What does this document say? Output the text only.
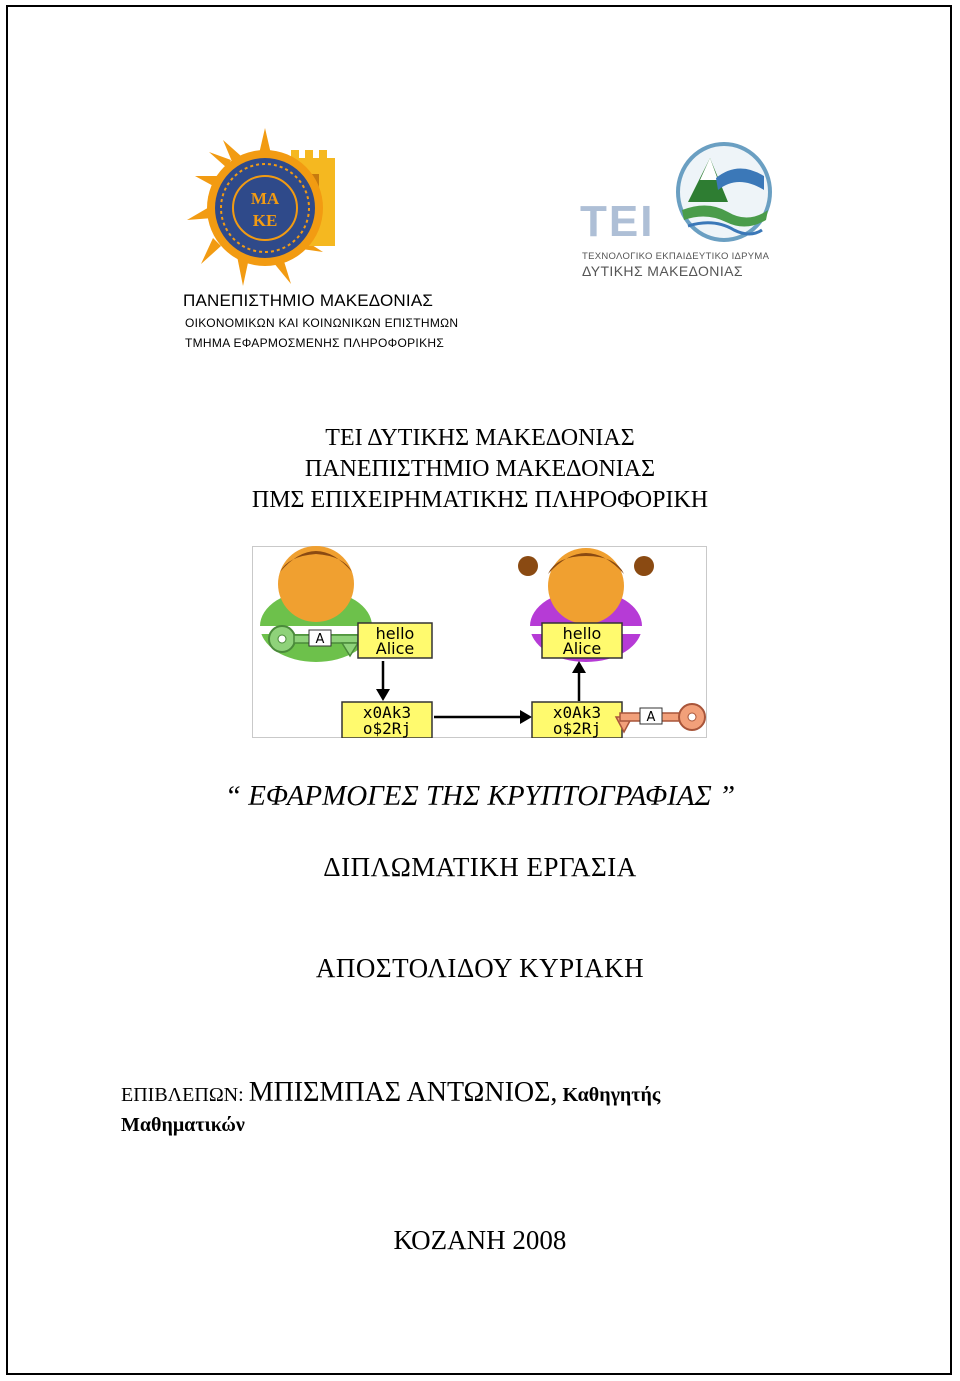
ΜΑ
ΚΕ
ΠΑΝΕΠΙΣΤΗΜΙΟ ΜΑΚΕΔΟΝΙΑΣ
ΟΙΚΟΝΟΜΙΚΩΝ ΚΑΙ ΚΟΙΝΩΝΙΚΩΝ ΕΠΙΣΤΗΜΩΝ
ΤΜΗΜΑ ΕΦΑΡΜΟΣΜΕΝΗΣ ΠΛΗΡΟΦΟΡΙΚΗΣ
TEI
ΤΕΧΝΟΛΟΓΙΚΟ ΕΚΠΑΙΔΕΥΤΙΚΟ ΙΔΡΥΜΑ
ΔΥΤΙΚΗΣ ΜΑΚΕΔΟΝΙΑΣ
ΤΕΙ ΔΥΤΙΚΗΣ ΜΑΚΕΔΟΝΙΑΣ
ΠΑΝΕΠΙΣΤΗΜΙΟ ΜΑΚΕΔΟΝΙΑΣ
ΠΜΣ ΕΠΙΧΕΙΡΗΜΑΤΙΚΗΣ ΠΛΗΡΟΦΟΡΙΚΗ
A	hello
Alice
hello
Alice
x0Ak3
o$2Rj
x0Ak3
o$2Rj
A
“ ΕΦΑΡΜΟΓΕΣ ΤΗΣ ΚΡΥΠΤΟΓΡΑΦΙΑΣ ”
ΔΙΠΛΩΜΑΤΙΚΗ ΕΡΓΑΣΙΑ
ΑΠΟΣΤΟΛΙΔΟΥ ΚΥΡΙΑΚΗ
ΕΠΙΒΛΕΠΩΝ: ΜΠΙΣΜΠΑΣ ΑΝΤΩΝΙΟΣ, Καθηγητής
Μαθηματικών
ΚΟΖΑΝΗ 2008
